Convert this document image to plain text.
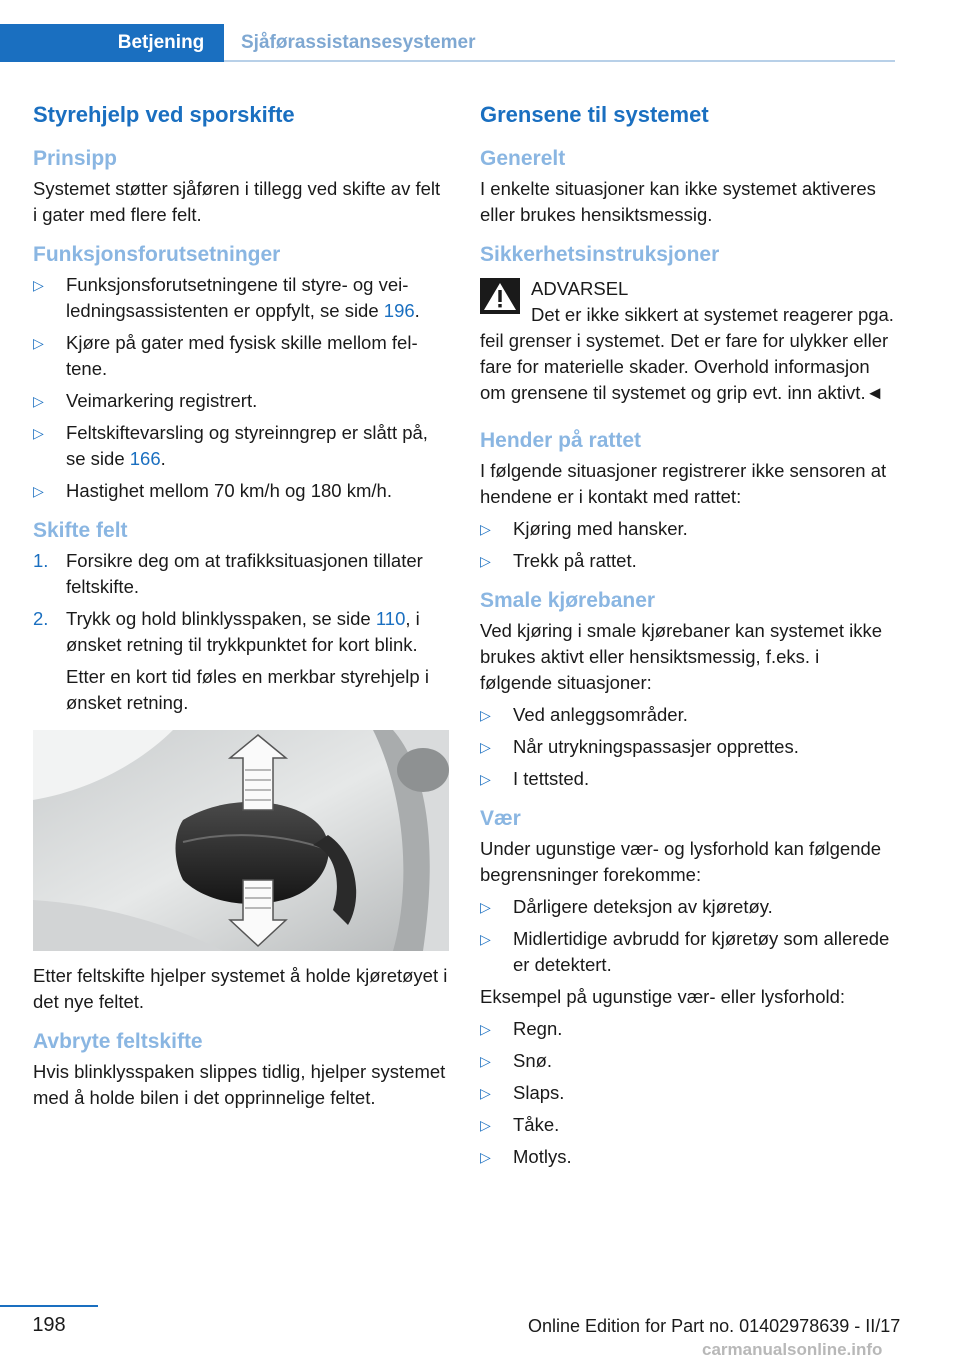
Betjening	Sjåførassistansesystemer
Styrehjelp ved sporskifte
Prinsipp

Systemet støtter sjåføren i tillegg ved skifte av felt i gater med flere felt.

Funksjonsforutsetninger
▷ Funksjonsforutsetningene til styre- og veiledningsassistenten er oppfylt, se side 196.
▷ Kjøre på gater med fysisk skille mellom feltene.
▷ Veimarkering registrert.
▷ Feltskiftevarsling og styreinngrep er slått på, se side 166.
▷ Hastighet mellom 70 km/h og 180 km/h.
Skifte felt
1. Forsikre deg om at trafikksituasjonen tillater feltskifte.
2. Trykk og hold blinklysspaken, se side 110, i ønsket retning til trykkpunktet for kort blink.

Etter en kort tid føles en merkbar styrehjelp i ønsket retning.

Etter feltskifte hjelper systemet å holde kjøretøyet i det nye feltet.

Avbryte feltskifte

Hvis blinklysspaken slippes tidlig, hjelper systemet med å holde bilen i det opprinnelige feltet.

Grensene til systemet
Generelt

I enkelte situasjoner kan ikke systemet aktiveres eller brukes hensiktsmessig.

Sikkerhetsinstruksjoner
ADVARSEL

Det er ikke sikkert at systemet reagerer pga. feil grenser i systemet. Det er fare for ulykker eller fare for materielle skader. Overhold informasjon om grensene til systemet og grip evt. inn aktivt.◄

Hender på rattet

I følgende situasjoner registrerer ikke sensoren at hendene er i kontakt med rattet:

▷ Kjøring med hansker.
▷ Trekk på rattet.
Smale kjørebaner

Ved kjøring i smale kjørebaner kan systemet ikke brukes aktivt eller hensiktsmessig, f.eks. i følgende situasjoner:

▷ Ved anleggsområder.
▷ Når utrykningspassasjer opprettes.
▷ I tettsted.
Vær

Under ugunstige vær- og lysforhold kan følgende begrensninger forekomme:

▷ Dårligere deteksjon av kjøretøy.
▷ Midlertidige avbrudd for kjøretøy som allerede er detektert.

Eksempel på ugunstige vær- eller lysforhold:

▷ Regn.
▷ Snø.
▷ Slaps.
▷ Tåke.
▷ Motlys.
198	Online Edition for Part no. 01402978639 - II/17
carmanualsonline.info
